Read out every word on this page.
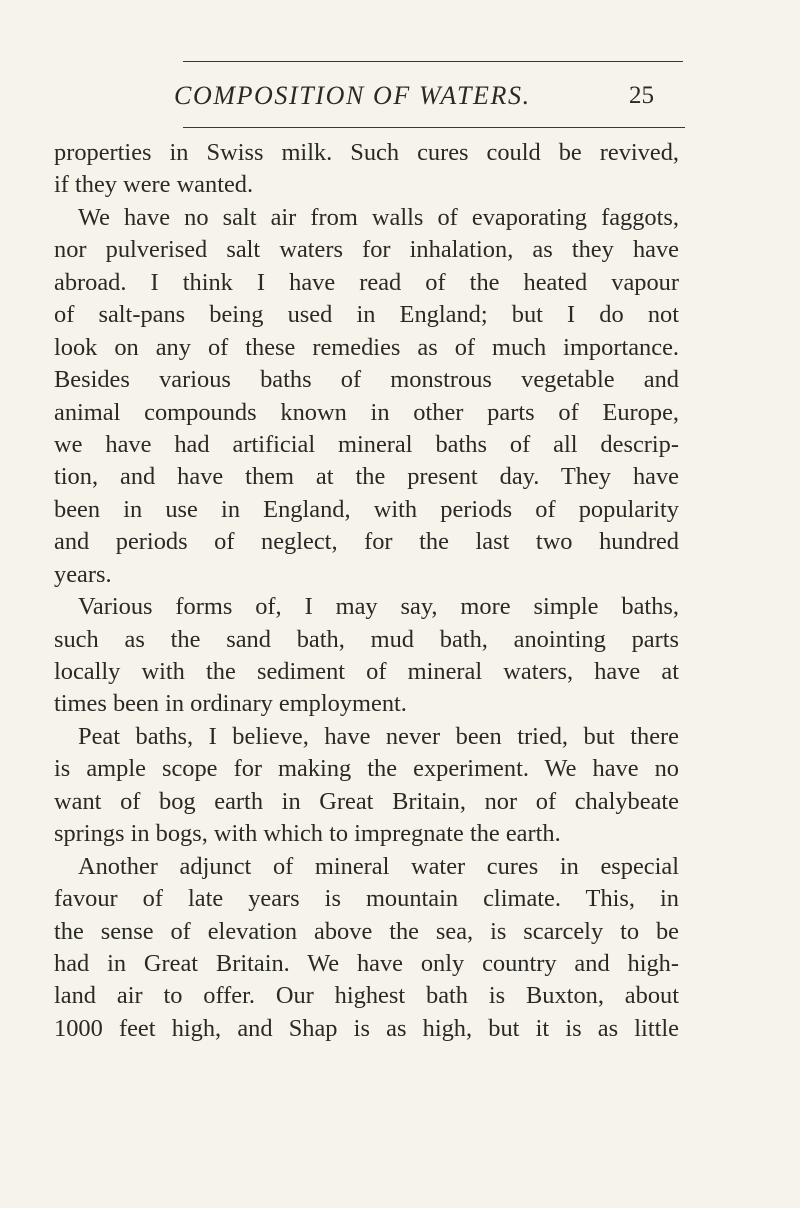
COMPOSITION OF WATERS.	25
properties in Swiss milk. Such cures could be revived,
if they were wanted.
We have no salt air from walls of evaporating faggots,
nor pulverised salt waters for inhalation, as they have
abroad. I think I have read of the heated vapour
of salt-pans being used in England; but I do not
look on any of these remedies as of much importance.
Besides various baths of monstrous vegetable and
animal compounds known in other parts of Europe,
we have had artificial mineral baths of all descrip-
tion, and have them at the present day. They have
been in use in England, with periods of popularity
and periods of neglect, for the last two hundred
years.
Various forms of, I may say, more simple baths,
such as the sand bath, mud bath, anointing parts
locally with the sediment of mineral waters, have at
times been in ordinary employment.
Peat baths, I believe, have never been tried, but there
is ample scope for making the experiment. We have no
want of bog earth in Great Britain, nor of chalybeate
springs in bogs, with which to impregnate the earth.
Another adjunct of mineral water cures in especial
favour of late years is mountain climate. This, in
the sense of elevation above the sea, is scarcely to be
had in Great Britain. We have only country and high-
land air to offer. Our highest bath is Buxton, about
1000 feet high, and Shap is as high, but it is as little
